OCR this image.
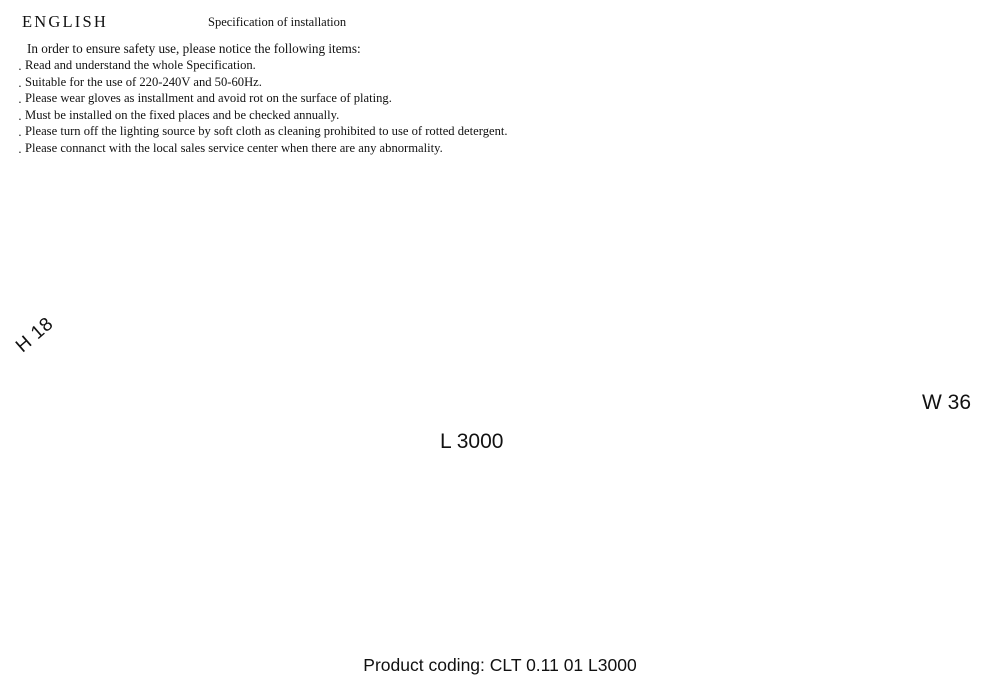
ENGLISH	Specification of installation
In order to ensure safety use, please notice the following items:
. Read and understand the whole Specification.
. Suitable for the use of 220-240V and 50-60Hz.
. Please wear gloves as installment and avoid rot on the surface of plating.
. Must be installed on the fixed places and be checked annually.
. Please turn off the lighting source by soft cloth as cleaning prohibited to use of rotted detergent.
. Please connanct with the local sales service center when there are any abnormality.
H 18
W 36
L 3000
Product coding: CLT 0.11 01 L3000
